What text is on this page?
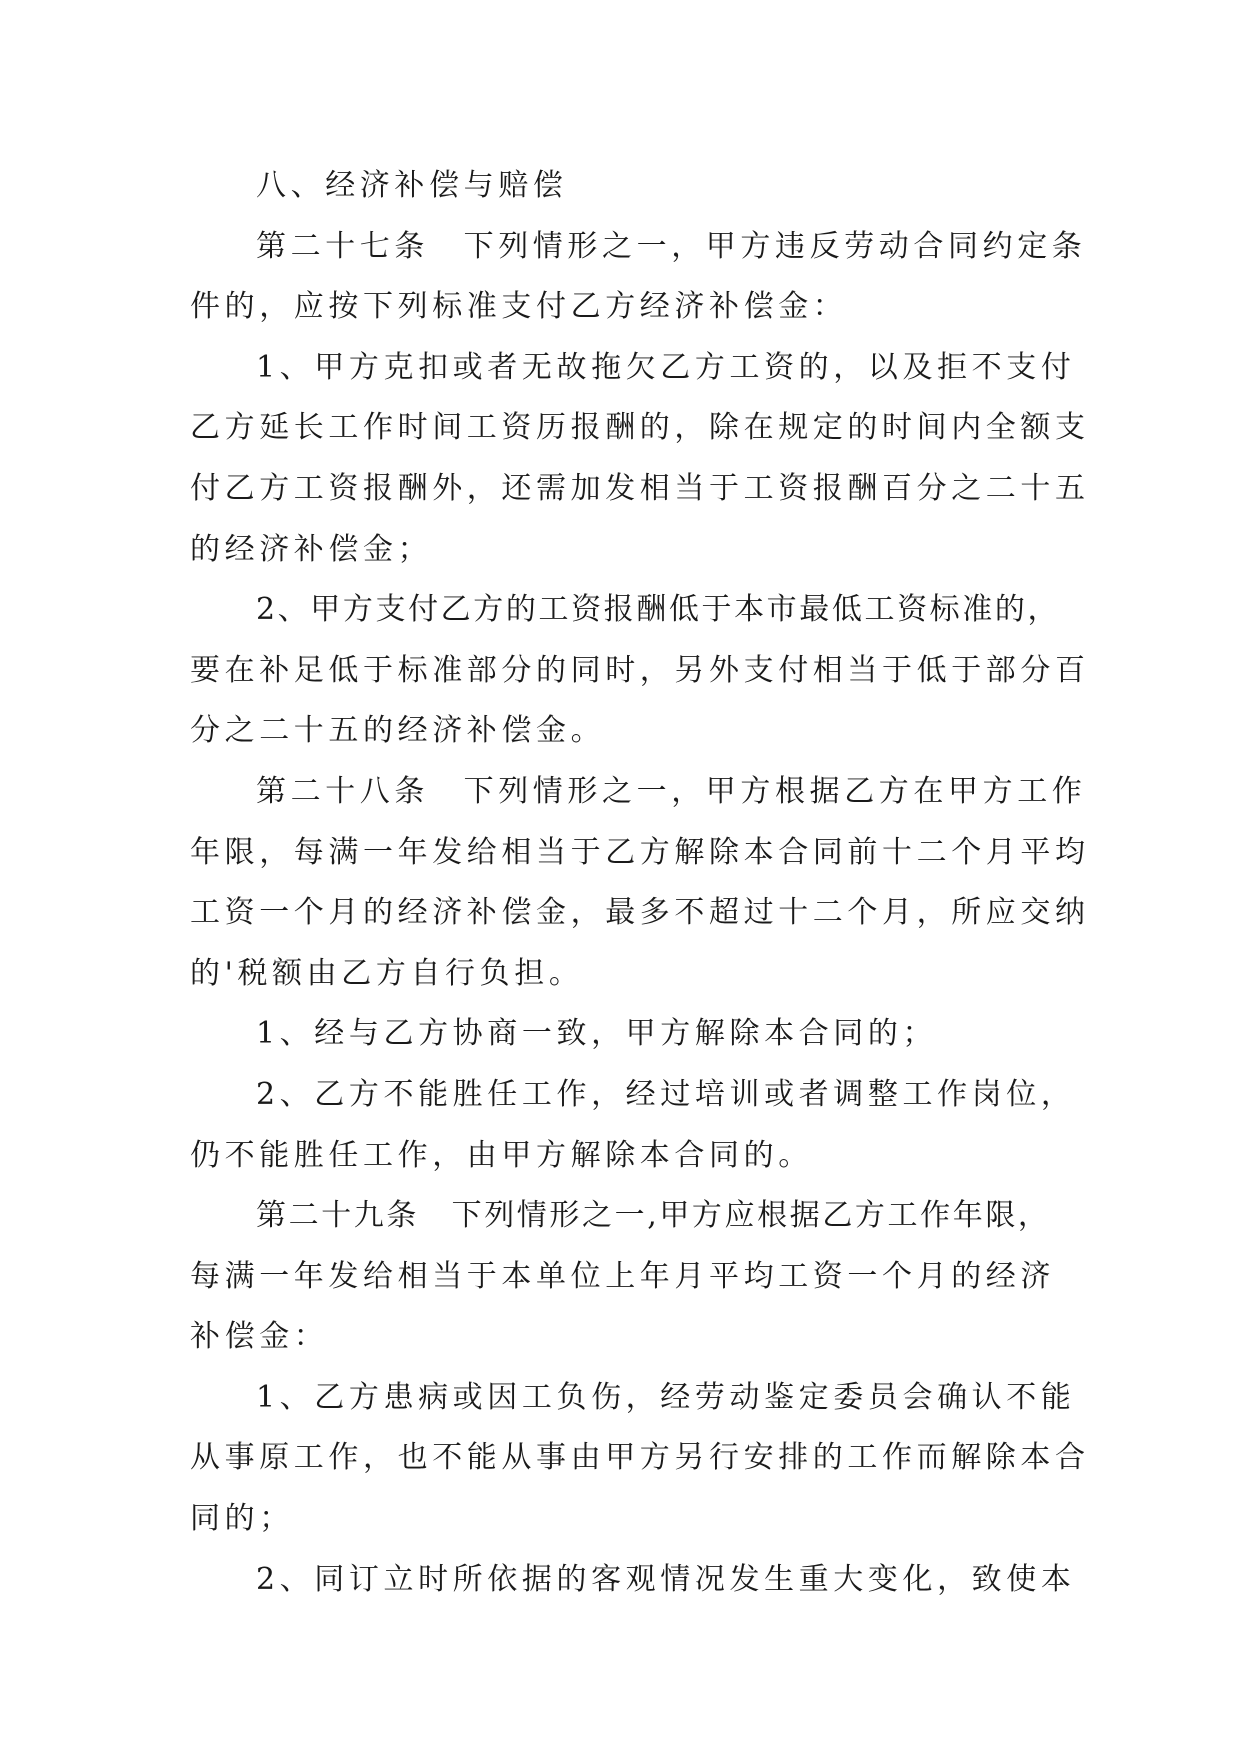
八、经济补偿与赔偿
第二十七条　下列情形之一，甲方违反劳动合同约定条
件的，应按下列标准支付乙方经济补偿金：
1、甲方克扣或者无故拖欠乙方工资的，以及拒不支付
乙方延长工作时间工资历报酬的，除在规定的时间内全额支
付乙方工资报酬外，还需加发相当于工资报酬百分之二十五
的经济补偿金；
2、甲方支付乙方的工资报酬低于本市最低工资标准的，
要在补足低于标准部分的同时，另外支付相当于低于部分百
分之二十五的经济补偿金。
第二十八条　下列情形之一，甲方根据乙方在甲方工作
年限，每满一年发给相当于乙方解除本合同前十二个月平均
工资一个月的经济补偿金，最多不超过十二个月，所应交纳
的'税额由乙方自行负担。
1、经与乙方协商一致，甲方解除本合同的；
2、乙方不能胜任工作，经过培训或者调整工作岗位，
仍不能胜任工作，由甲方解除本合同的。
第二十九条　下列情形之一,甲方应根据乙方工作年限，
每满一年发给相当于本单位上年月平均工资一个月的经济
补偿金：
1、乙方患病或因工负伤，经劳动鉴定委员会确认不能
从事原工作，也不能从事由甲方另行安排的工作而解除本合
同的；
2、同订立时所依据的客观情况发生重大变化，致使本
